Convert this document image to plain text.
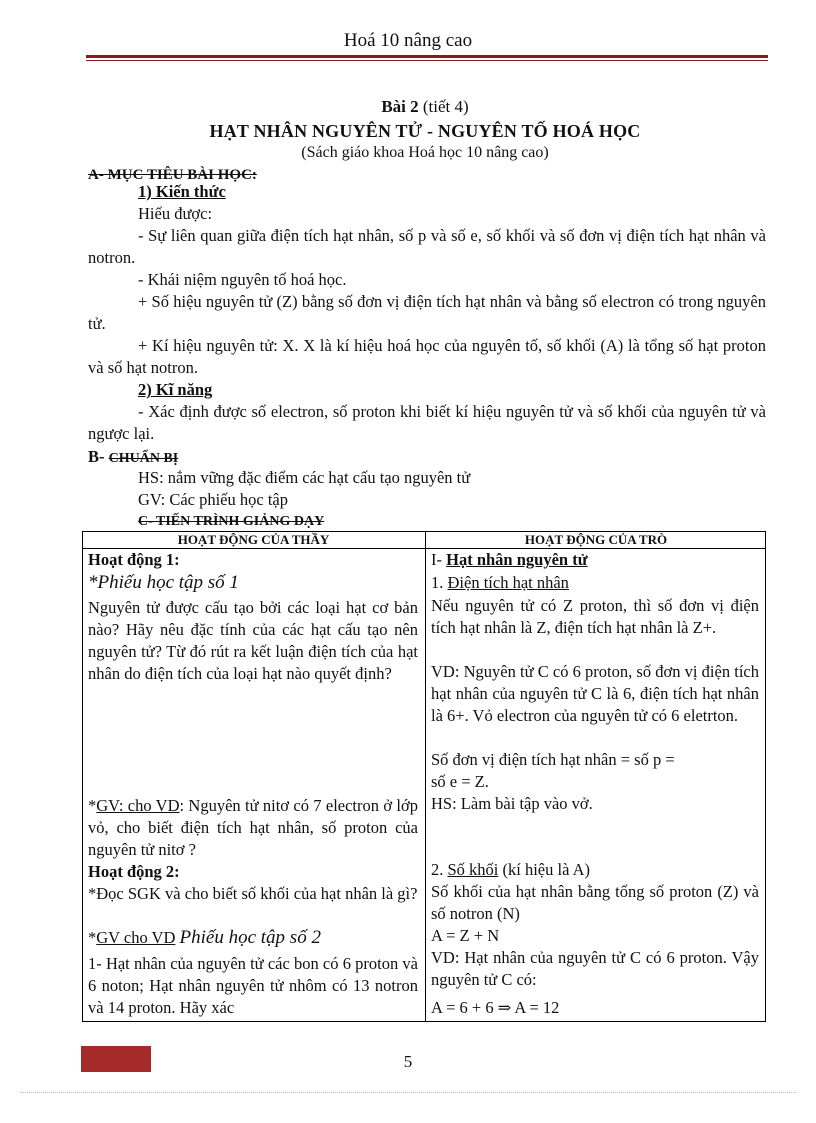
Hoá 10 nâng cao
Bài 2 (tiết 4)
HẠT NHÂN NGUYÊN TỬ - NGUYÊN TỐ HOÁ HỌC
(Sách giáo khoa Hoá học 10 nâng cao)
A- MỤC TIÊU BÀI HỌC:
1) Kiến thức
Hiểu được:
- Sự liên quan giữa điện tích hạt nhân, số p và số e, số khối và số đơn vị điện tích hạt nhân và notron.
- Khái niệm nguyên tố hoá học.
+ Số hiệu nguyên tử (Z) bằng số đơn vị điện tích hạt nhân và bằng số electron có trong nguyên tử.
+ Kí hiệu nguyên tử: X. X là kí hiệu hoá học của nguyên tố, số khối (A) là tổng số hạt proton và số hạt notron.
2) Kĩ năng
- Xác định được số electron, số proton khi biết kí hiệu nguyên tử và số khối của nguyên tử và ngược lại.
B- CHUẨN BỊ
HS: nắm vững đặc điểm các hạt cấu tạo nguyên tử
GV: Các phiếu học tập
C- TIẾN TRÌNH GIẢNG DẠY
HOẠT ĐỘNG CỦA THẦY	HOẠT ĐỘNG CỦA TRÒ
Hoạt động 1:
*Phiếu học tập số 1
Nguyên tử được cấu tạo bởi các loại hạt cơ bản nào? Hãy nêu đặc tính của các hạt cấu tạo nên nguyên tử? Từ đó rút ra kết luận điện tích của hạt nhân do điện tích của loại hạt nào quyết định?
*GV: cho VD: Nguyên tử nitơ có 7 electron ở lớp vỏ, cho biết điện tích hạt nhân, số proton của nguyên tử nitơ ?
Hoạt động 2:
*Đọc SGK và cho biết số khối của hạt nhân là gì?
*GV cho VD Phiếu học tập số 2
1- Hạt nhân của nguyên tử các bon có 6 proton và 6 noton; Hạt nhân nguyên tử nhôm có 13 notron và 14 proton. Hãy xác
I- Hạt nhân nguyên tử
1. Điện tích hạt nhân
Nếu nguyên tử có Z proton, thì số đơn vị điện tích hạt nhân là Z, điện tích hạt nhân là Z+.
VD: Nguyên tử C có 6 proton, số đơn vị điện tích hạt nhân của nguyên tử C là 6, điện tích hạt nhân là 6+. Vỏ electron của nguyên tử có 6 eletrton.
Số đơn vị điện tích hạt nhân = số p =
số e = Z.
HS: Làm bài tập vào vở.
2. Số khối (kí hiệu là A)
Số khối của hạt nhân bằng tổng số proton (Z) và số notron (N)
A = Z + N
VD: Hạt nhân của nguyên tử C có 6 proton. Vậy nguyên tử C có:
A = 6 + 6 ⇒ A = 12
5
